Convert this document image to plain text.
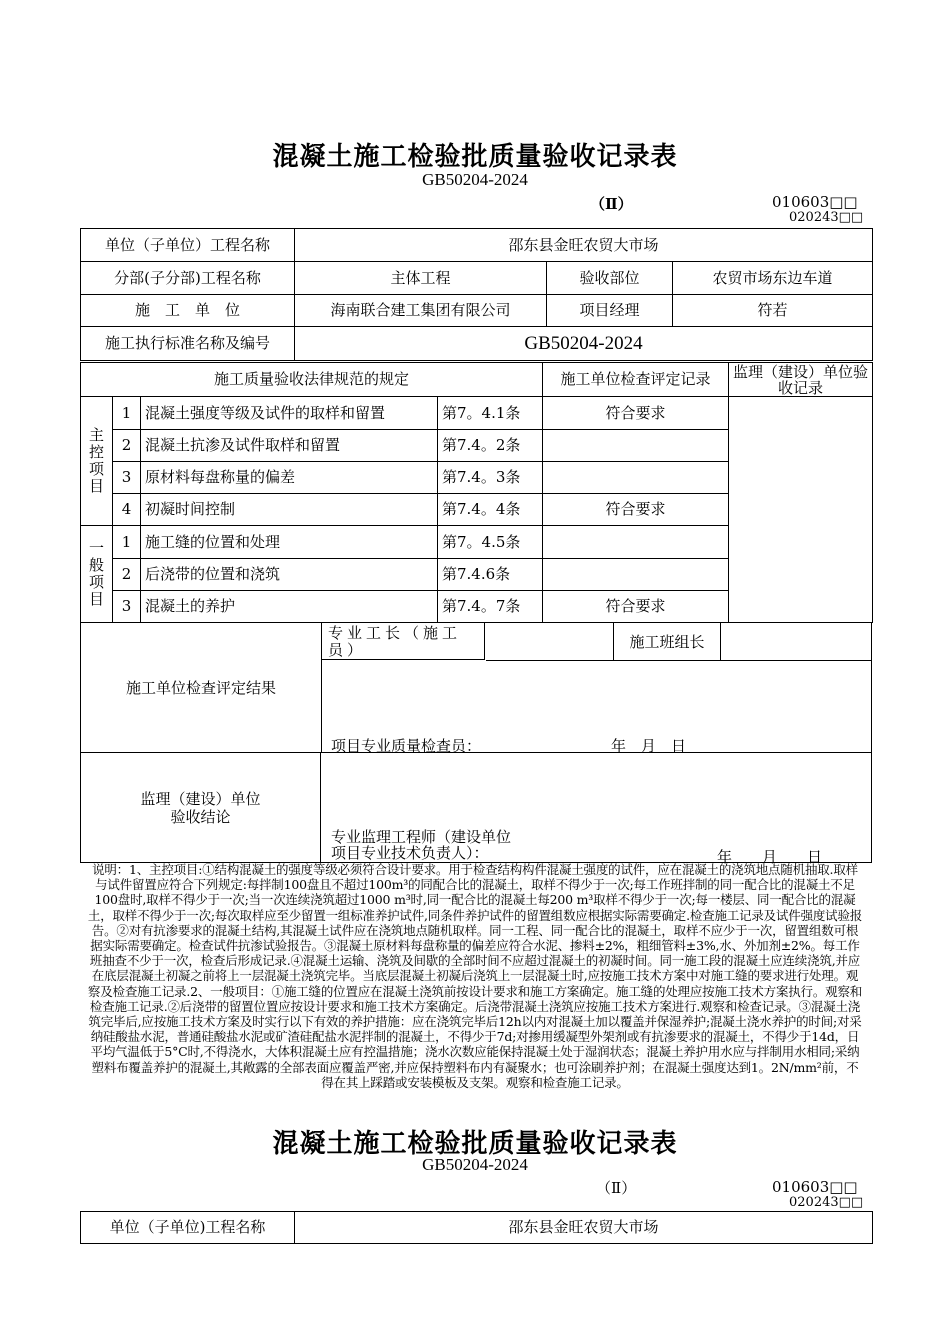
混凝土施工检验批质量验收记录表
GB50204-2024
（Ⅱ）	010603□□
020243□□
单位（子单位）工程名称	邵东县金旺农贸大市场		
分部(子分部)工程名称	主体工程	验收部位	农贸市场东边车道
施　工　单　位	海南联合建工集团有限公司	项目经理	符若
施工执行标准名称及编号	GB50204-2024		
施工质量验收法律规范的规定				施工单位检查评定记录	监理（建设）单位验收记录
主控项目	1	混凝土强度等级及试件的取样和留置	第7。4.1条	符合要求	
	2	混凝土抗渗及试件取样和留置	第7.4。2条		
	3	原材料每盘称量的偏差	第7.4。3条		
	4	初凝时间控制	第7.4。4条	符合要求	
一般项目	1	施工缝的位置和处理	第7。4.5条		
	2	后浇带的位置和浇筑	第7.4.6条		
	3	混凝土的养护	第7.4。7条	符合要求	
施工单位检查评定结果
专业工长（施工员）	施工班组长
项目专业质量检查员：	年　月　日
监理（建设）单位
验收结论
专业监理工程师（建设单位项目专业技术负责人）：	年　　月　　日
说明：1、主控项目:①结构混凝土的强度等级必须符合设计要求。用于检查结构构件混凝土强度的试件，应在混凝土的浇筑地点随机抽取.取样与试件留置应符合下列规定:每拌制100盘且不超过100m³的同配合比的混凝土，取样不得少于一次;每工作班拌制的同一配合比的混凝土不足100盘时,取样不得少于一次;当一次连续浇筑超过1000 m³时,同一配合比的混凝土每200 m³取样不得少于一次;每一楼层、同一配合比的混凝土，取样不得少于一次;每次取样应至少留置一组标准养护试件,同条件养护试件的留置组数应根据实际需要确定.检查施工记录及试件强度试验报告。②对有抗渗要求的混凝土结构,其混凝土试件应在浇筑地点随机取样。同一工程、同一配合比的混凝土，取样不应少于一次，留置组数可根据实际需要确定。检查试件抗渗试验报告。③混凝土原材料每盘称量的偏差应符合水泥、掺料±2%，粗细管料±3%,水、外加剂±2%。每工作班抽查不少于一次，检查后形成记录.④混凝土运输、浇筑及间歇的全部时间不应超过混凝土的初凝时间。同一施工段的混凝土应连续浇筑,并应在底层混凝土初凝之前将上一层混凝土浇筑完毕。当底层混凝土初凝后浇筑上一层混凝土时,应按施工技术方案中对施工缝的要求进行处理。观察及检查施工记录.2、一般项目：①施工缝的位置应在混凝土浇筑前按设计要求和施工方案确定。施工缝的处理应按施工技术方案执行。观察和检查施工记录.②后浇带的留置位置应按设计要求和施工技术方案确定。后浇带混凝土浇筑应按施工技术方案进行.观察和检查记录。③混凝土浇筑完毕后,应按施工技术方案及时实行以下有效的养护措施：应在浇筑完毕后12h以内对混凝土加以覆盖并保湿养护;混凝土浇水养护的时间;对采纳硅酸盐水泥，普通硅酸盐水泥或矿渣硅配盐水泥拌制的混凝土，不得少于7d;对掺用缓凝型外架剂或有抗渗要求的混凝土，不得少于14d，日平均气温低于5°C时,不得浇水，大体积混凝土应有控温措施；浇水次数应能保持混凝土处于湿润状态；混凝土养护用水应与拌制用水相同;采纳塑料布覆盖养护的混凝土,其敞露的全部表面应覆盖严密,并应保持塑料布内有凝聚水；也可涂刷养护剂；在混凝土强度达到1。2N/mm²前，不得在其上踩踏或安装模板及支架。观察和检查施工记录。
混凝土施工检验批质量验收记录表
GB50204-2024
（Ⅱ）	010603□□
020243□□
单位（子单位)工程名称	邵东县金旺农贸大市场
